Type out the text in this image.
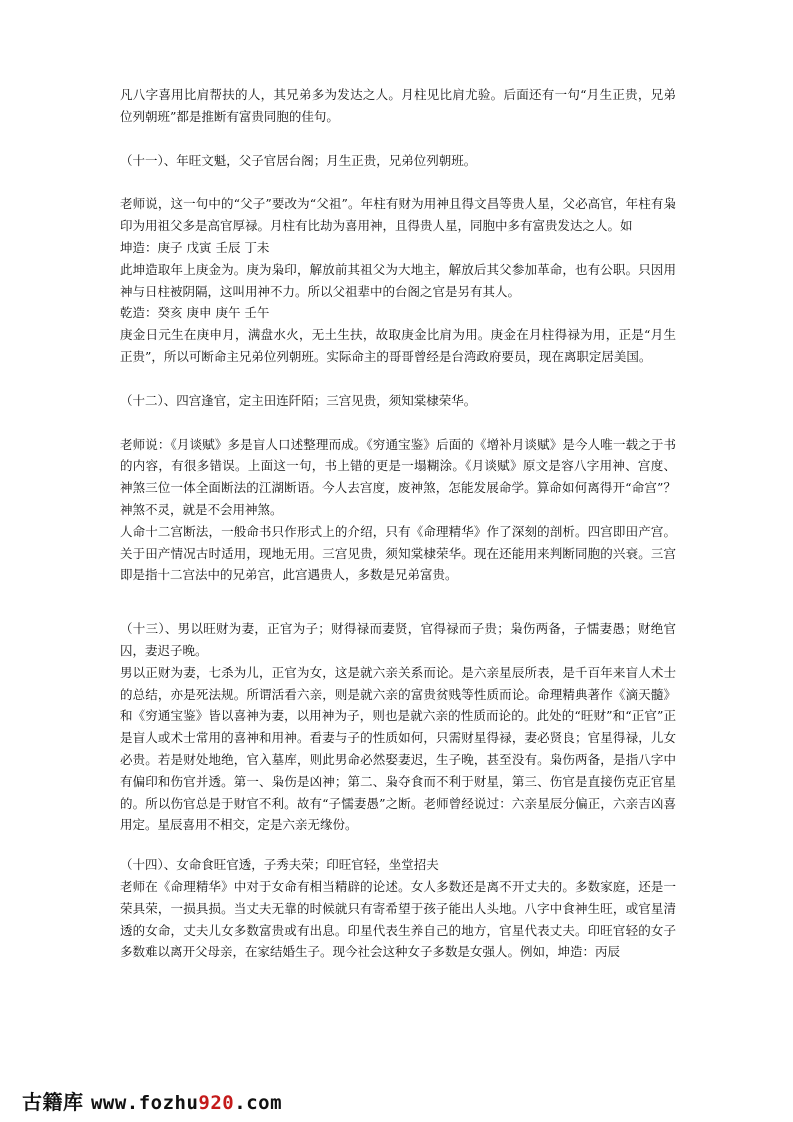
凡八字喜用比肩帮扶的人，其兄弟多为发达之人。月柱见比肩尤验。后面还有一句“月生正贵，兄弟位列朝班”都是推断有富贵同胞的佳句。

（十一）、年旺文魁，父子官居台阁；月生正贵，兄弟位列朝班。

老师说，这一句中的“父子”要改为“父祖”。年柱有财为用神且得文昌等贵人星，父必高官，年柱有枭印为用祖父多是高官厚禄。月柱有比劫为喜用神，且得贵人星，同胞中多有富贵发达之人。如

坤造：庚子 戊寅 壬辰 丁未

此坤造取年上庚金为。庚为枭印，解放前其祖父为大地主，解放后其父参加革命，也有公职。只因用神与日柱被阴隔，这叫用神不力。所以父祖辈中的台阁之官是另有其人。

乾造：癸亥 庚申 庚午 壬午

庚金日元生在庚申月，满盘水火，无土生扶，故取庚金比肩为用。庚金在月柱得禄为用，正是“月生正贵”，所以可断命主兄弟位列朝班。实际命主的哥哥曾经是台湾政府要员，现在离职定居美国。

（十二）、四宫逢官，定主田连阡陌；三宫见贵，须知棠棣荣华。

老师说：《月谈赋》多是盲人口述整理而成。《穷通宝鉴》后面的《增补月谈赋》是今人唯一载之于书的内容，有很多错误。上面这一句，书上错的更是一塌糊涂。《月谈赋》原文是容八字用神、宫度、神煞三位一体全面断法的江湖断语。今人去宫度，废神煞，怎能发展命学。算命如何离得开“命宫”？神煞不灵，就是不会用神煞。

人命十二宫断法，一般命书只作形式上的介绍，只有《命理精华》作了深刻的剖析。四宫即田产宫。关于田产情况古时适用，现地无用。三宫见贵，须知棠棣荣华。现在还能用来判断同胞的兴衰。三宫即是指十二宫法中的兄弟宫，此宫遇贵人，多数是兄弟富贵。

（十三）、男以旺财为妻，正官为子；财得禄而妻贤，官得禄而子贵；枭伤两备，子懦妻愚；财绝官囚，妻迟子晚。

男以正财为妻，七杀为儿，正官为女，这是就六亲关系而论。是六亲星辰所表，是千百年来盲人术士的总结，亦是死法规。所谓活看六亲，则是就六亲的富贵贫贱等性质而论。命理精典著作《滴天髓》和《穷通宝鉴》皆以喜神为妻，以用神为子，则也是就六亲的性质而论的。此处的“旺财”和“正官”正是盲人或术士常用的喜神和用神。看妻与子的性质如何，只需财星得禄，妻必贤良；官星得禄，儿女必贵。若是财处地绝，官入墓库，则此男命必然娶妻迟，生子晚，甚至没有。枭伤两备，是指八字中有偏印和伤官并透。第一、枭伤是凶神；第二、枭夺食而不利于财星，第三、伤官是直接伤克正官星的。所以伤官总是于财官不利。故有“子懦妻愚”之断。老师曾经说过：六亲星辰分偏正，六亲吉凶喜用定。星辰喜用不相交，定是六亲无缘份。

（十四）、女命食旺官透，子秀夫荣；印旺官轻，坐堂招夫

老师在《命理精华》中对于女命有相当精辟的论述。女人多数还是离不开丈夫的。多数家庭，还是一荣具荣，一损具损。当丈夫无靠的时候就只有寄希望于孩子能出人头地。八字中食神生旺，或官星清透的女命，丈夫儿女多数富贵或有出息。印星代表生养自己的地方，官星代表丈夫。印旺官轻的女子多数难以离开父母亲，在家结婚生子。现今社会这种女子多数是女强人。例如，坤造：丙辰

古籍库 www.fozhu920.com
